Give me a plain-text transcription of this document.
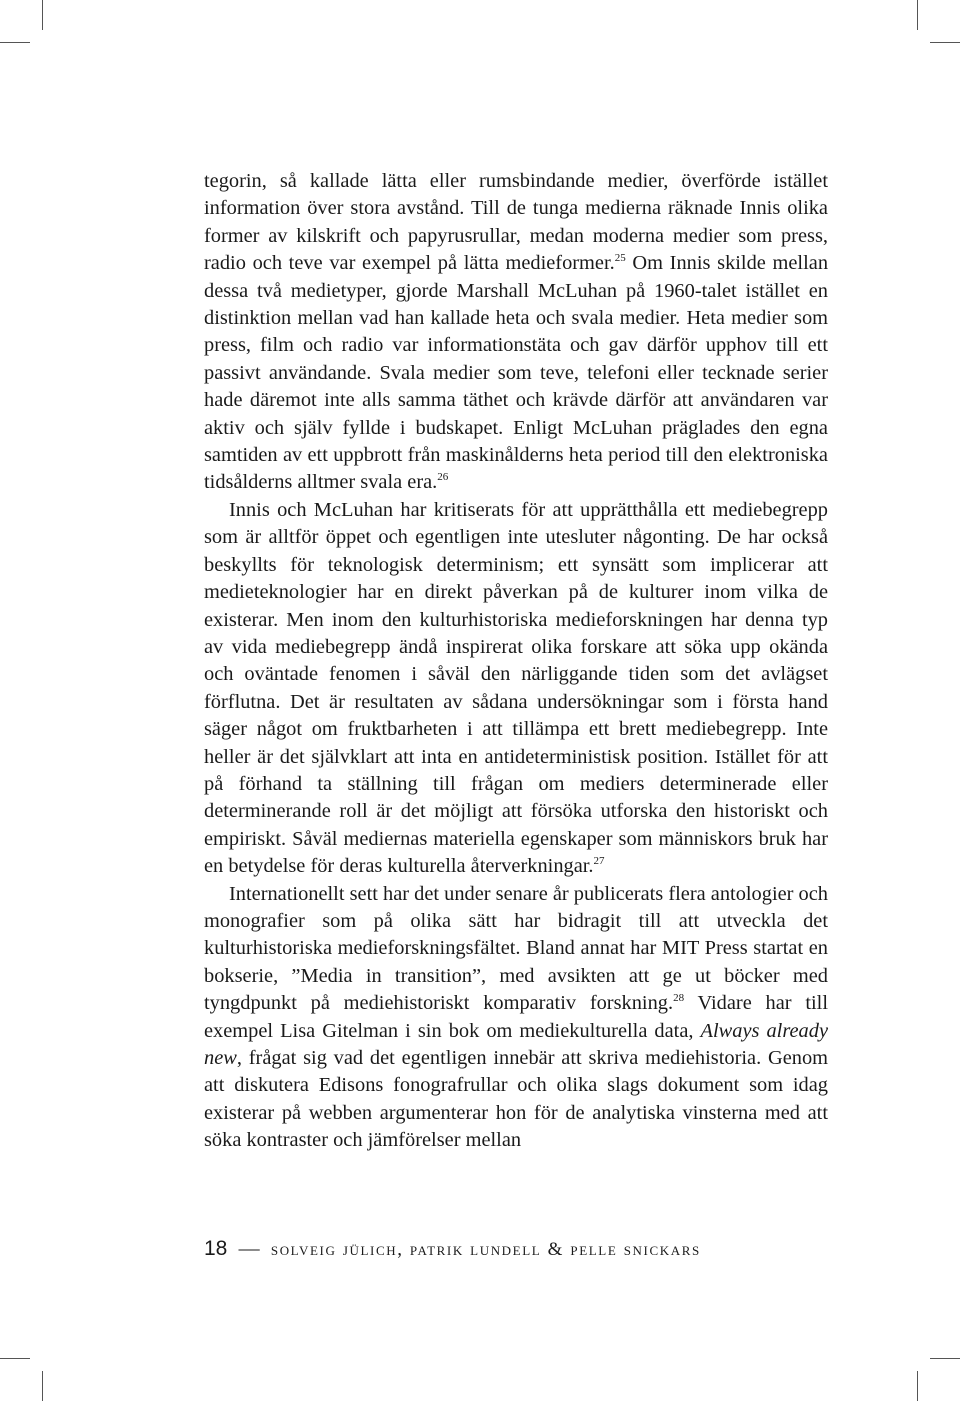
tegorin, så kallade lätta eller rumsbindande medier, överförde istället information över stora avstånd. Till de tunga medierna räknade Innis olika former av kilskrift och papyrusrullar, medan moderna medier som press, radio och teve var exempel på lätta medieformer.$^{25}$ Om Innis skilde mellan dessa två medietyper, gjorde Marshall McLuhan på 1960-talet istället en distinktion mellan vad han kallade heta och svala medier. Heta medier som press, film och radio var informationstäta och gav därför upphov till ett passivt användande. Svala medier som teve, telefoni eller tecknade serier hade däremot inte alls samma täthet och krävde därför att användaren var aktiv och själv fyllde i budskapet. Enligt McLuhan präglades den egna samtiden av ett uppbrott från maskinålderns heta period till den elektroniska tidsålderns alltmer svala era.$^{26}$

Innis och McLuhan har kritiserats för att upprätthålla ett mediebegrepp som är alltför öppet och egentligen inte utesluter någonting. De har också beskyllts för teknologisk determinism; ett synsätt som implicerar att medieteknologier har en direkt påverkan på de kulturer inom vilka de existerar. Men inom den kulturhistoriska medieforskningen har denna typ av vida mediebegrepp ändå inspirerat olika forskare att söka upp okända och oväntade fenomen i såväl den närliggande tiden som det avlägset förflutna. Det är resultaten av sådana undersökningar som i första hand säger något om fruktbarheten i att tillämpa ett brett mediebegrepp. Inte heller är det självklart att inta en antideterministisk position. Istället för att på förhand ta ställning till frågan om mediers determinerade eller determinerande roll är det möjligt att försöka utforska den historiskt och empiriskt. Såväl mediernas materiella egenskaper som människors bruk har en betydelse för deras kulturella återverkningar.$^{27}$

Internationellt sett har det under senare år publicerats flera antologier och monografier som på olika sätt har bidragit till att utveckla det kulturhistoriska medieforskningsfältet. Bland annat har MIT Press startat en bokserie, ”Media in transition”, med avsikten att ge ut böcker med tyngdpunkt på mediehistoriskt komparativ forskning.$^{28}$ Vidare har till exempel Lisa Gitelman i sin bok om mediekulturella data, Always already new, frågat sig vad det egentligen innebär att skriva mediehistoria. Genom att diskutera Edisons fonografrullar och olika slags dokument som idag existerar på webben argumenterar hon för de analytiska vinsterna med att söka kontraster och jämförelser mellan

18 — solveig jülich, patrik lundell & pelle snickars
